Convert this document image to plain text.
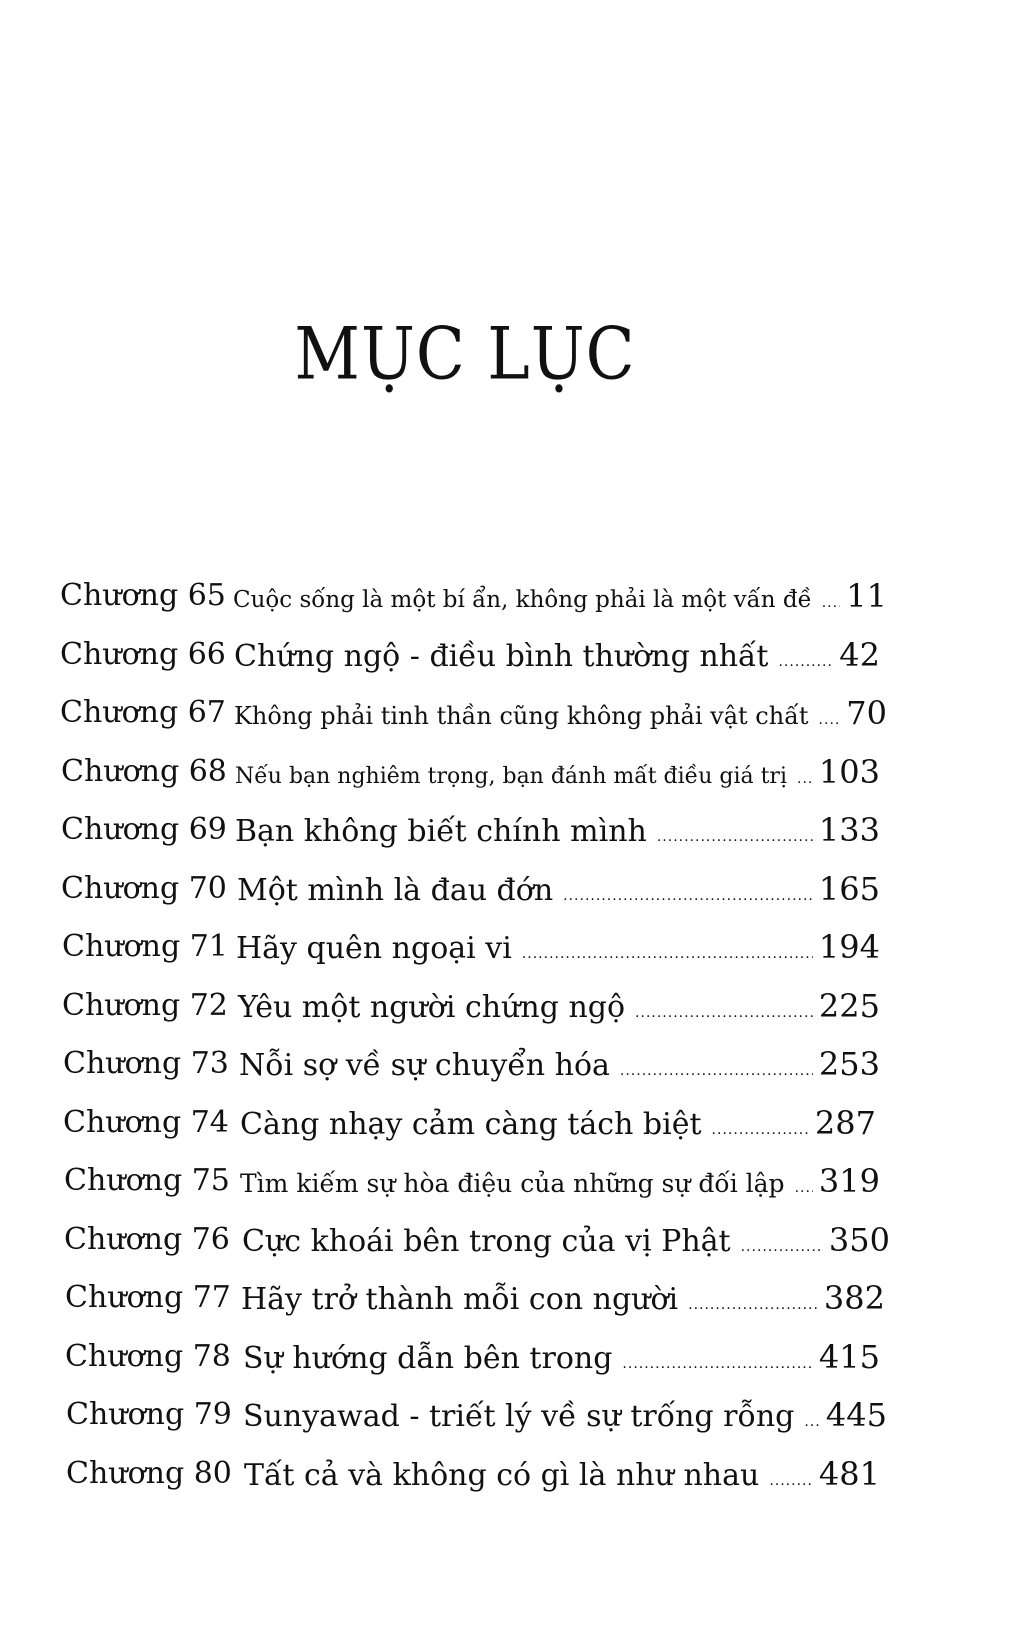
MỤC LỤC
Chương 65 Cuộc sống là một bí ẩn, không phải là một vấn đề ..... 11
Chương 66 Chứng ngộ - điều bình thường nhất ..... 42
Chương 67 Không phải tinh thần cũng không phải vật chất ..... 70
Chương 68 Nếu bạn nghiêm trọng, bạn đánh mất điều giá trị ..... 103
Chương 69 Bạn không biết chính mình .....	133
Chương 70 Một mình là đau đớn .....	165
Chương 71 Hãy quên ngoại vi .....	194
Chương 72 Yêu một người chứng ngộ .....	225
Chương 73 Nỗi sợ về sự chuyển hóa .....	253
Chương 74 Càng nhạy cảm càng tách biệt .....	287
Chương 75 Tìm kiếm sự hòa điệu của những sự đối lập ..... 319
Chương 76 Cực khoái bên trong của vị Phật .....	350
Chương 77 Hãy trở thành mỗi con người .....	382
Chương 78 Sự hướng dẫn bên trong .....	415
Chương 79 Sunyawad - triết lý về sự trống rỗng ..... 445
Chương 80 Tất cả và không có gì là như nhau ..... 481
